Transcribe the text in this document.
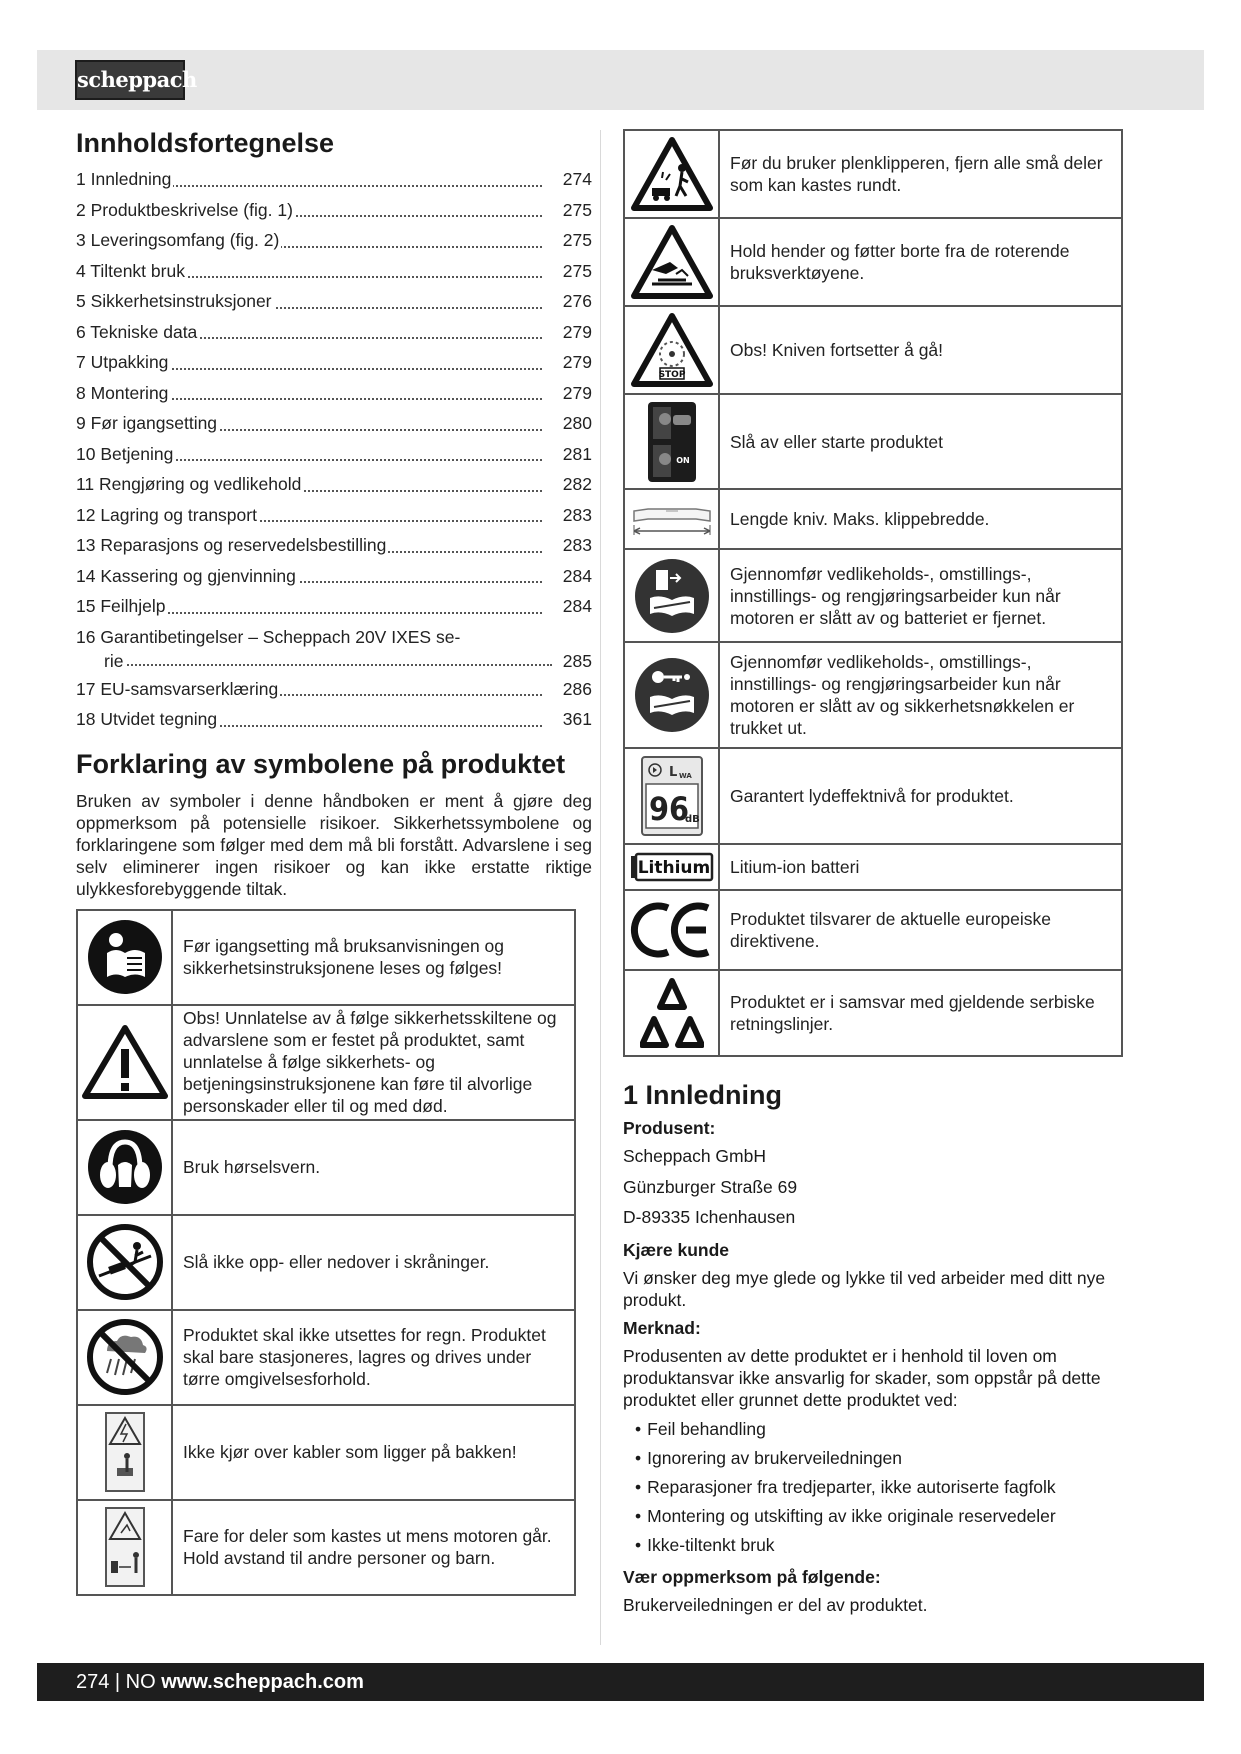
scheppach
Innholdsfortegnelse
1 Innledning	274
2 Produktbeskrivelse (fig. 1)	275
3 Leveringsomfang (fig. 2)	275
4 Tiltenkt bruk	275
5 Sikkerhetsinstruksjoner	276
6 Tekniske data	279
7 Utpakking	279
8 Montering	279
9 Før igangsetting	280
10 Betjening	281
11 Rengjøring og vedlikehold	282
12 Lagring og transport	283
13 Reparasjons og reservedelsbestilling	283
14 Kassering og gjenvinning	284
15 Feilhjelp	284
16 Garantibetingelser – Scheppach 20V IXES se-
rie	285
17 EU-samsvarserklæring	286
18 Utvidet tegning	361
Forklaring av symbolene på produktet
Bruken av symboler i denne håndboken er ment å gjøre deg oppmerksom på potensielle risikoer. Sikkerhetssymbolene og forklaringene som følger med dem må bli forstått. Advarslene i seg selv eliminerer ingen risikoer og kan ikke erstatte riktige ulykkesforebyggende tiltak.
	Før igangsetting må bruksanvisningen og sikkerhetsinstruksjonene leses og følges!

	Obs! Unnlatelse av å følge sikkerhetsskiltene og advarslene som er festet på produktet, samt unnlatelse å følge sikkerhets- og betjeningsinstruksjonene kan føre til alvorlige personskader eller til og med død.

	Bruk hørselsvern.

	Slå ikke opp- eller nedover i skråninger.

	Produktet skal ikke utsettes for regn. Produktet skal bare stasjoneres, lagres og drives under tørre omgivelsesforhold.

	Ikke kjør over kabler som ligger på bakken!

	Fare for deler som kastes ut mens motoren går. Hold avstand til andre personer og barn.
	Før du bruker plenklipperen, fjern alle små deler som kan kastes rundt.

	Hold hender og føtter borte fra de roterende bruksverktøyene.

STOP	Obs! Kniven fortsetter å gå!

ON	Slå av eller starte produktet

	Lengde kniv. Maks. klippebredde.

	Gjennomfør vedlikeholds-, omstillings-, innstillings- og rengjøringsarbeider kun når motoren er slått av og batteriet er fjernet.

	Gjennomfør vedlikeholds-, omstillings-, innstillings- og rengjøringsarbeider kun når motoren er slått av og sikkerhetsnøkkelen er trukket ut.

L WA
96
dB	Garantert lydeffektnivå for produktet.

Lithium	Litium-ion batteri

	Produktet tilsvarer de aktuelle europeiske direktivene.

	Produktet er i samsvar med gjeldende serbiske retningslinjer.
1 Innledning
Produsent:
Scheppach GmbH
Günzburger Straße 69
D-89335 Ichenhausen
Kjære kunde
Vi ønsker deg mye glede og lykke til ved arbeider med ditt nye produkt.
Merknad:
Produsenten av dette produktet er i henhold til loven om produktansvar ikke ansvarlig for skader, som oppstår på dette produktet eller grunnet dette produktet ved:
• Feil behandling
• Ignorering av brukerveiledningen
• Reparasjoner fra tredjeparter, ikke autoriserte fagfolk
• Montering og utskifting av ikke originale reservedeler
• Ikke-tiltenkt bruk
Vær oppmerksom på følgende:
Brukerveiledningen er del av produktet.
274 | NO www.scheppach.com
